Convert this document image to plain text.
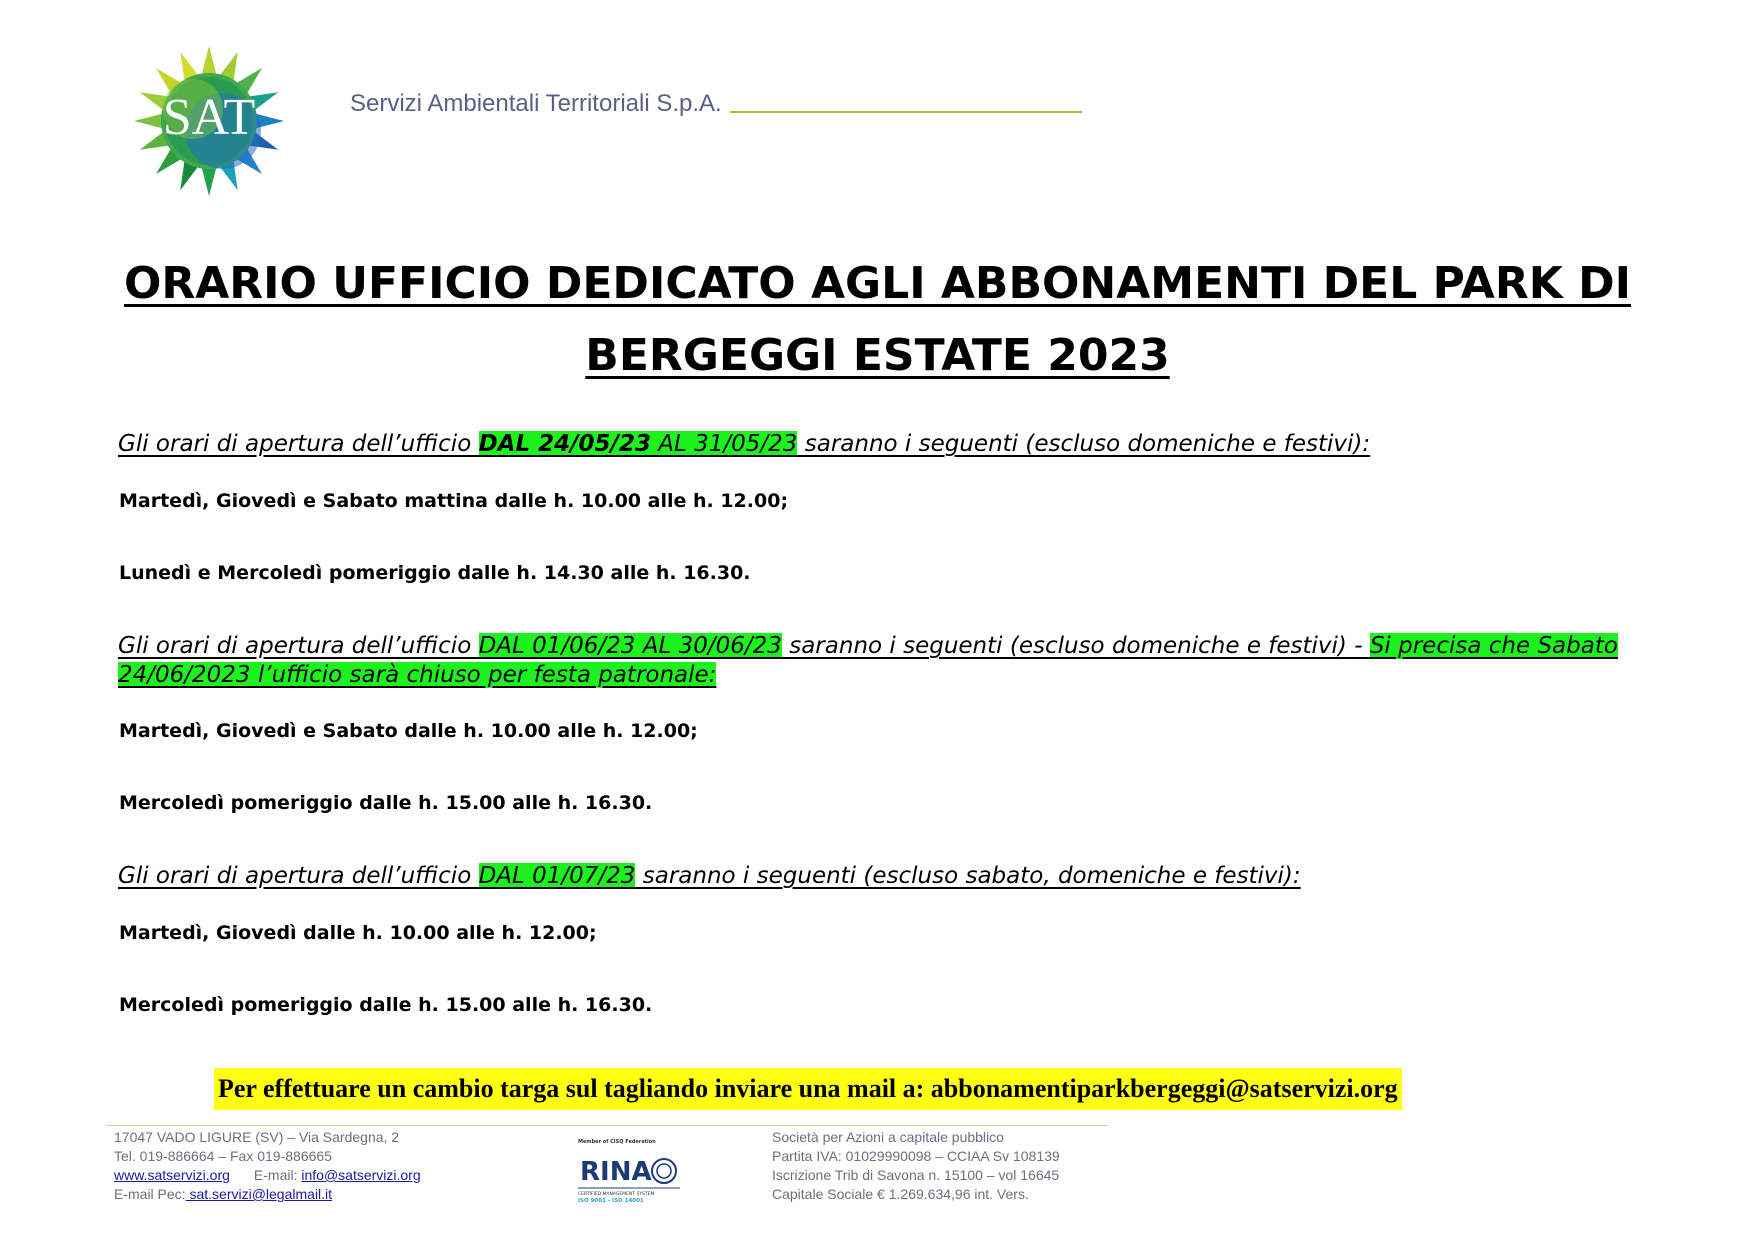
SAT	Servizi Ambientali Territoriali S.p.A.
ORARIO UFFICIO DEDICATO AGLI ABBONAMENTI DEL PARK DI
BERGEGGI ESTATE 2023
Gli orari di apertura dell’ufficio DAL 24/05/23 AL 31/05/23 saranno i seguenti (escluso domeniche e festivi):
Martedì, Giovedì e Sabato mattina dalle h. 10.00 alle h. 12.00;
Lunedì e Mercoledì pomeriggio dalle h. 14.30 alle h. 16.30.
Gli orari di apertura dell’ufficio DAL 01/06/23 AL 30/06/23 saranno i seguenti (escluso domeniche e festivi) - Si precisa che Sabato 24/06/2023 l’ufficio sarà chiuso per festa patronale:
Martedì, Giovedì e Sabato dalle h. 10.00 alle h. 12.00;
Mercoledì pomeriggio dalle h. 15.00 alle h. 16.30.
Gli orari di apertura dell’ufficio DAL 01/07/23 saranno i seguenti (escluso sabato, domeniche e festivi):
Martedì, Giovedì dalle h. 10.00 alle h. 12.00;
Mercoledì pomeriggio dalle h. 15.00 alle h. 16.30.
Per effettuare un cambio targa sul tagliando inviare una mail a: abbonamentiparkbergeggi@satservizi.org
17047 VADO LIGURE (SV) – Via Sardegna, 2
Tel. 019-886664 – Fax 019-886665
www.satservizi.org E-mail: info@satservizi.org
E-mail Pec: sat.servizi@legalmail.it
Member of CISQ Federation
RINA
CERTIFIED MANAGEMENT SYSTEM
ISO 9001 - ISO 14001
Società per Azioni a capitale pubblico
Partita IVA: 01029990098 – CCIAA Sv 108139
Iscrizione Trib di Savona n. 15100 – vol 16645
Capitale Sociale € 1.269.634,96 int. Vers.
